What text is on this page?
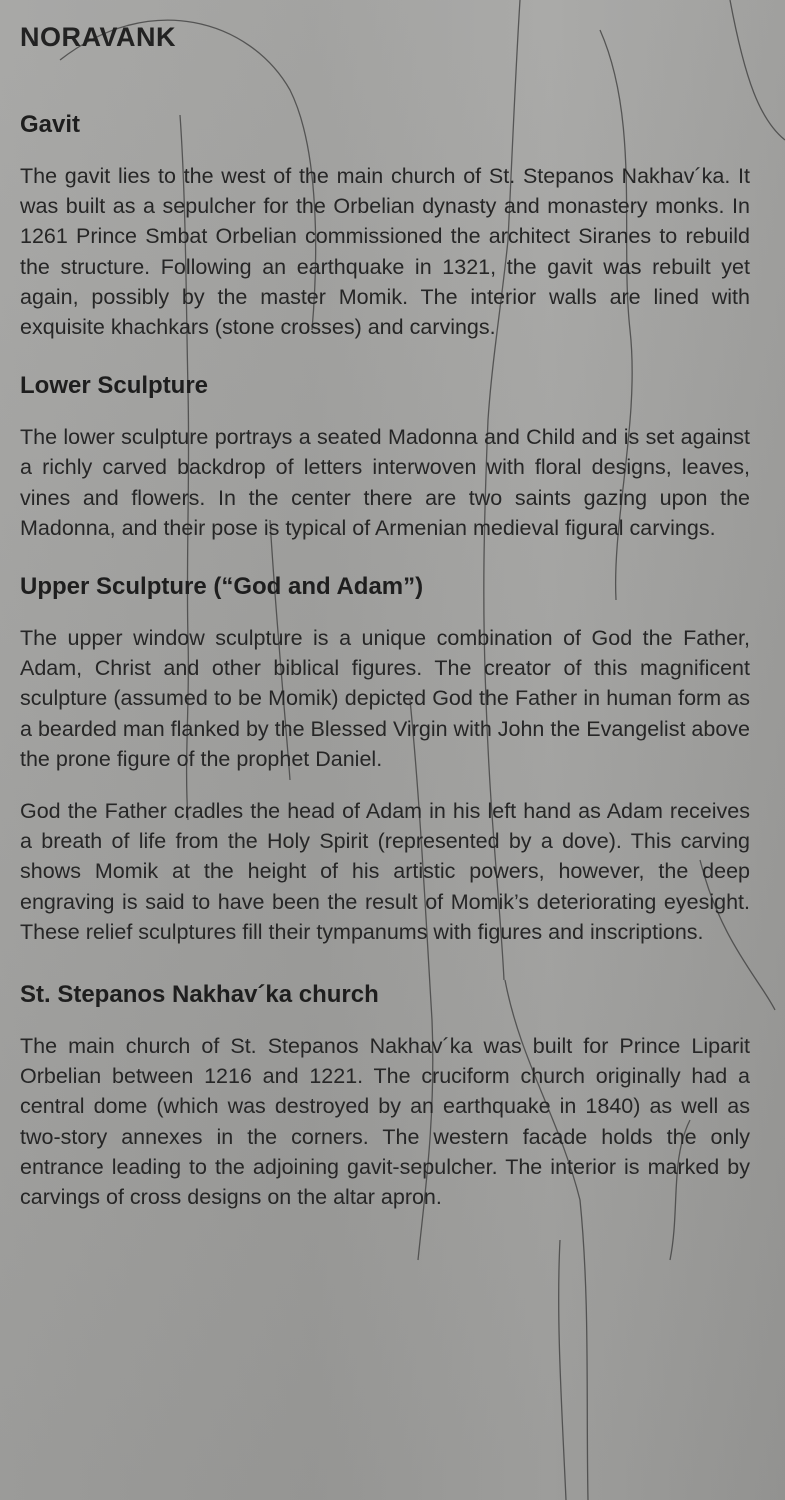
NORAVANK
Gavit

The gavit lies to the west of the main church of St. Stepanos Nakhav´ka. It was built as a sepulcher for the Orbelian dynasty and monastery monks. In 1261 Prince Smbat Orbelian commissioned the architect Siranes to rebuild the structure. Following an earthquake in 1321, the gavit was rebuilt yet again, possibly by the master Momik. The interior walls are lined with exquisite khachkars (stone crosses) and carvings.

Lower Sculpture

The lower sculpture portrays a seated Madonna and Child and is set against a richly carved backdrop of letters interwoven with floral designs, leaves, vines and flowers. In the center there are two saints gazing upon the Madonna, and their pose is typical of Armenian medieval figural carvings.

Upper Sculpture (“God and Adam”)

The upper window sculpture is a unique combination of God the Father, Adam, Christ and other biblical figures. The creator of this magnificent sculpture (assumed to be Momik) depicted God the Father in human form as a bearded man flanked by the Blessed Virgin with John the Evangelist above the prone figure of the prophet Daniel.

God the Father cradles the head of Adam in his left hand as Adam receives a breath of life from the Holy Spirit (represented by a dove). This carving shows Momik at the height of his artistic powers, however, the deep engraving is said to have been the result of Momik’s deteriorating eyesight. These relief sculptures fill their tympanums with figures and inscriptions.

St. Stepanos Nakhav´ka church

The main church of St. Stepanos Nakhav´ka was built for Prince Liparit Orbelian between 1216 and 1221. The cruciform church originally had a central dome (which was destroyed by an earthquake in 1840) as well as two-story annexes in the corners. The western facade holds the only entrance leading to the adjoining gavit-sepulcher. The interior is marked by carvings of cross designs on the altar apron.
